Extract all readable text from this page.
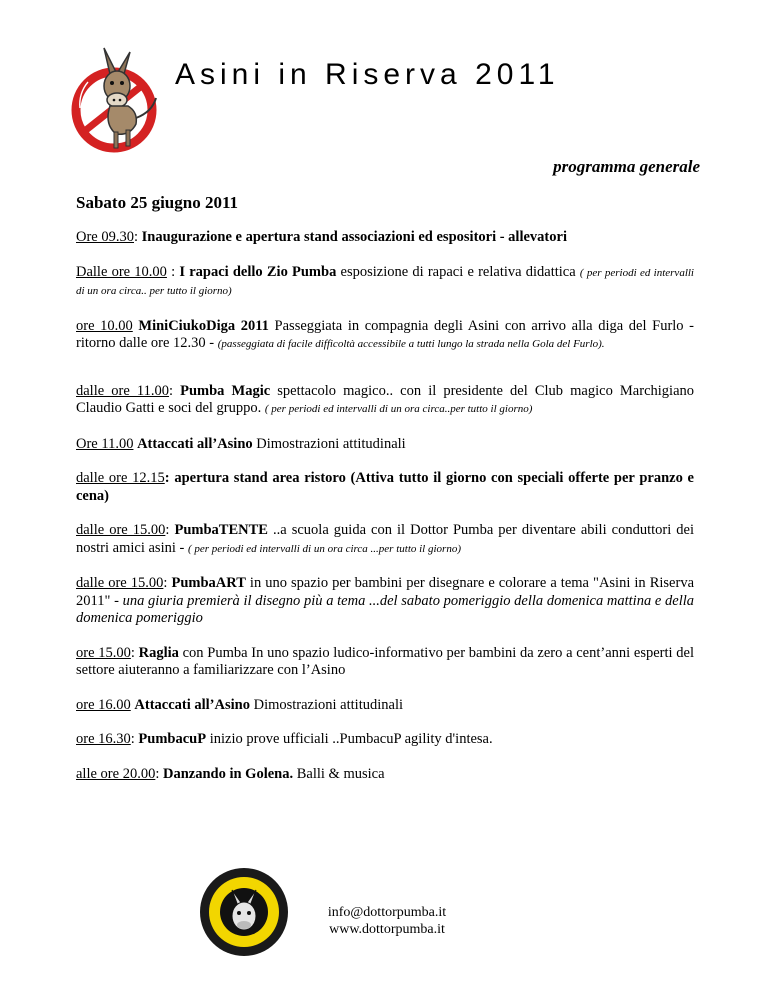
Asini in Riserva 2011
programma generale
Sabato 25 giugno 2011
Ore 09.30: Inaugurazione e apertura stand associazioni ed espositori - allevatori
Dalle ore 10.00 : I rapaci dello Zio Pumba esposizione di rapaci e relativa didattica ( per periodi ed intervalli di un ora circa.. per tutto il giorno)
ore 10.00 MiniCiukoDiga 2011 Passeggiata in compagnia degli Asini con arrivo alla diga del Furlo - ritorno dalle ore 12.30 - (passeggiata di facile difficoltà accessibile a tutti lungo la strada nella Gola del Furlo).
dalle ore 11.00: Pumba Magic spettacolo magico.. con il presidente del Club magico Marchigiano Claudio Gatti e soci del gruppo. ( per periodi ed intervalli di un ora circa..per tutto il giorno)
Ore 11.00 Attaccati all’Asino Dimostrazioni attitudinali
dalle ore 12.15: apertura stand area ristoro (Attiva tutto il giorno con speciali offerte per pranzo e cena)
dalle ore 15.00: PumbaTENTE ..a scuola guida con il Dottor Pumba per diventare abili conduttori dei nostri amici asini - ( per periodi ed intervalli di un ora circa ...per tutto il giorno)
dalle ore 15.00: PumbaART in uno spazio per bambini per disegnare e colorare a tema "Asini in Riserva 2011" - una giuria premierà il disegno più a tema ...del sabato pomeriggio della domenica mattina e della domenica pomeriggio
ore 15.00: Raglia con Pumba In uno spazio ludico-informativo per bambini da zero a cent’anni esperti del settore aiuteranno a familiarizzare con l’Asino
ore 16.00 Attaccati all’Asino Dimostrazioni attitudinali
ore 16.30: PumbacuP inizio prove ufficiali ..PumbacuP agility d'intesa.
alle ore 20.00: Danzando in Golena. Balli & musica
info@dottorpumba.it
www.dottorpumba.it
